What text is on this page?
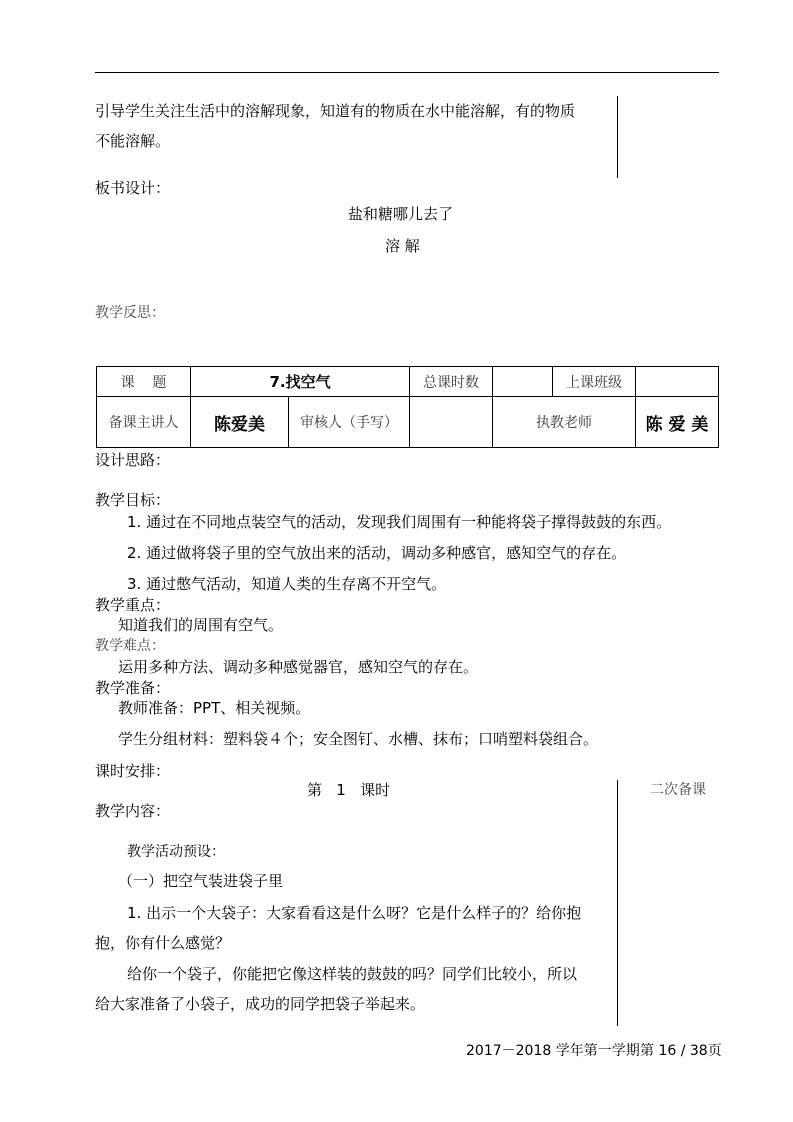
引导学生关注生活中的溶解现象，知道有的物质在水中能溶解，有的物质
不能溶解。
板书设计：
盐和糖哪儿去了
溶 解
教学反思：
课    题	7.找空气		总课时数		上课班级	
备课主讲人	陈爱美	审核人（手写）		执教老师		陈 爱 美
设计思路：
教学目标：
1. 通过在不同地点装空气的活动，发现我们周围有一种能将袋子撑得鼓鼓的东西。
2. 通过做将袋子里的空气放出来的活动，调动多种感官，感知空气的存在。
3. 通过憋气活动，知道人类的生存离不开空气。
教学重点：
知道我们的周围有空气。
教学难点：
运用多种方法、调动多种感觉器官，感知空气的存在。
教学准备：
教师准备：PPT、相关视频。
学生分组材料：塑料袋４个；安全图钉、水槽、抹布；口哨塑料袋组合。
课时安排：
第   1   课时	二次备课
教学内容：
教学活动预设：
（一）把空气装进袋子里
1. 出示一个大袋子：大家看看这是什么呀？它是什么样子的？给你抱
抱，你有什么感觉？
给你一个袋子，你能把它像这样装的鼓鼓的吗？同学们比较小，所以
给大家准备了小袋子，成功的同学把袋子举起来。
2017－2018 学年第一学期 第 16 / 38页
